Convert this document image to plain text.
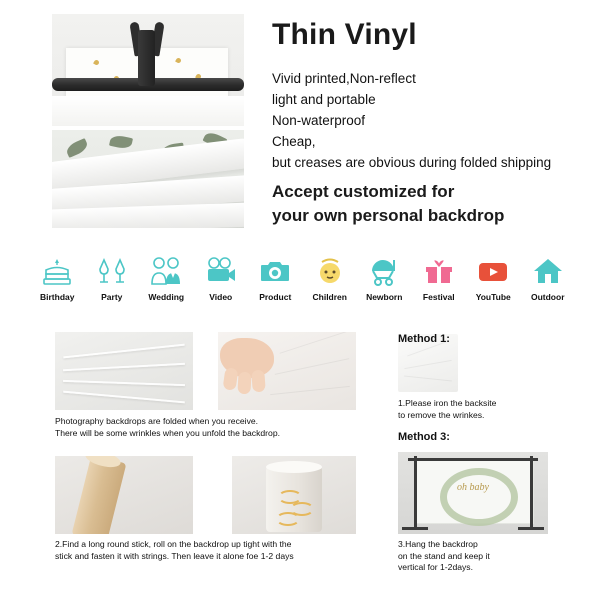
Thin Vinyl
Vivid printed,Non-reflect
light and portable
Non-waterproof
Cheap,
but creases are obvious during folded shipping
Accept customized for
your own personal backdrop
Birthday	Party	Wedding	Video	Product	Children	Newborn	Festival	YouTube	Outdoor
oh baby
Photography backdrops are folded when you receive.
There will be some wrinkles when you unfold the backdrop.
2.Find a long round stick, roll on the backdrop up tight with the
stick and fasten it with strings. Then leave it alone foe 1-2 days
Method 1:
1.Please iron the backsite
to remove the wrinkes.
Method 3:
3.Hang the backdrop
on the stand and keep it
vertical for 1-2days.
